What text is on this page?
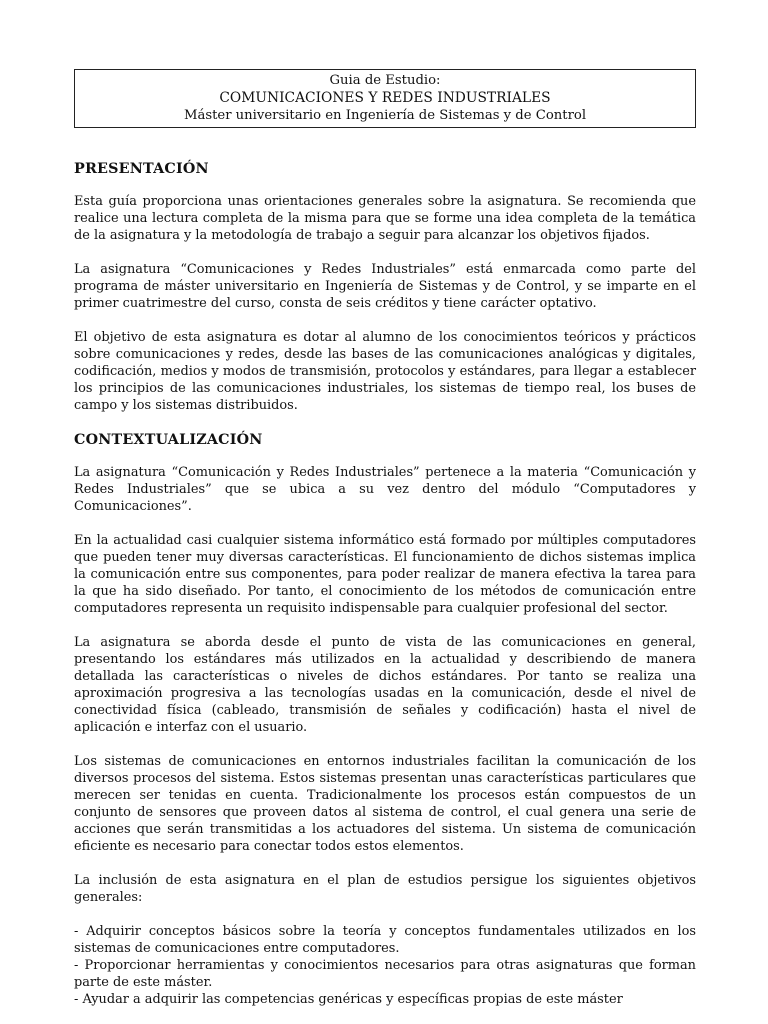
Guia de Estudio:
COMUNICACIONES Y REDES INDUSTRIALES
Máster universitario en Ingeniería de Sistemas y de Control
PRESENTACIÓN

Esta guía proporciona unas orientaciones generales sobre la asignatura. Se recomienda que realice una lectura completa de la misma para que se forme una idea completa de la temática de la asignatura y la metodología de trabajo a seguir para alcanzar los objetivos fijados.

La asignatura “Comunicaciones y Redes Industriales” está enmarcada como parte del programa de máster universitario en Ingeniería de Sistemas y de Control, y se imparte en el primer cuatrimestre del curso, consta de seis créditos y tiene carácter optativo.

El objetivo de esta asignatura es dotar al alumno de los conocimientos teóricos y prácticos sobre comunicaciones y redes, desde las bases de las comunicaciones analógicas y digitales, codificación, medios y modos de transmisión, protocolos y estándares, para llegar a establecer los principios de las comunicaciones industriales, los sistemas de tiempo real, los buses de campo y los sistemas distribuidos.

CONTEXTUALIZACIÓN

La asignatura “Comunicación y Redes Industriales” pertenece a la materia “Comunicación y Redes Industriales” que se ubica a su vez dentro del módulo “Computadores y Comunicaciones”.

En la actualidad casi cualquier sistema informático está formado por múltiples computadores que pueden tener muy diversas características. El funcionamiento de dichos sistemas implica la comunicación entre sus componentes, para poder realizar de manera efectiva la tarea para la que ha sido diseñado. Por tanto, el conocimiento de los métodos de comunicación entre computadores representa un requisito indispensable para cualquier profesional del sector.

La asignatura se aborda desde el punto de vista de las comunicaciones en general, presentando los estándares más utilizados en la actualidad y describiendo de manera detallada las características o niveles de dichos estándares. Por tanto se realiza una aproximación progresiva a las tecnologías usadas en la comunicación, desde el nivel de conectividad física (cableado, transmisión de señales y codificación) hasta el nivel de aplicación e interfaz con el usuario.

Los sistemas de comunicaciones en entornos industriales facilitan la comunicación de los diversos procesos del sistema. Estos sistemas presentan unas características particulares que merecen ser tenidas en cuenta. Tradicionalmente los procesos están compuestos de un conjunto de sensores que proveen datos al sistema de control, el cual genera una serie de acciones que serán transmitidas a los actuadores del sistema. Un sistema de comunicación eficiente es necesario para conectar todos estos elementos.

La inclusión de esta asignatura en el plan de estudios persigue los siguientes objetivos generales:

- Adquirir conceptos básicos sobre la teoría y conceptos fundamentales utilizados en los sistemas de comunicaciones entre computadores.
- Proporcionar herramientas y conocimientos necesarios para otras asignaturas que forman parte de este máster.
- Ayudar a adquirir las competencias genéricas y específicas propias de este máster
